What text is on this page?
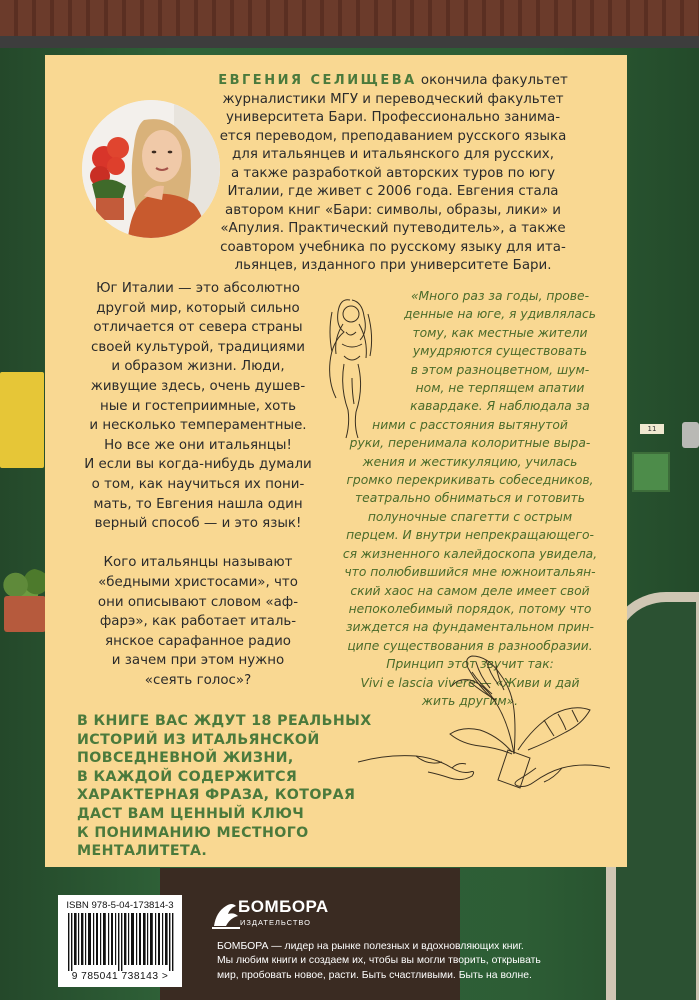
11
ЕВГЕНИЯ СЕЛИЩЕВА окончила факультет
журналистики МГУ и переводческий факультет
университета Бари. Профессионально занима-
ется переводом, преподаванием русского языка
для итальянцев и итальянского для русских,
а также разработкой авторских туров по югу
Италии, где живет с 2006 года. Евгения стала
автором книг «Бари: символы, образы, лики» и
«Апулия. Практический путеводитель», а также
соавтором учебника по русскому языку для ита-
льянцев, изданного при университете Бари.

Юг Италии — это абсолютно
другой мир, который сильно
отличается от севера страны
своей культурой, традициями
и образом жизни. Люди,
живущие здесь, очень душев-
ные и гостеприимные, хоть
и несколько темпераментные.
Но все же они итальянцы!
И если вы когда-нибудь думали
о том, как научиться их пони-
мать, то Евгения нашла один
верный способ — и это язык!

Кого итальянцы называют
«бедными христосами», что
они описывают словом «аф-
фарэ», как работает италь-
янское сарафанное радио
и зачем при этом нужно
«сеять голос»?

«Много раз за годы, прове-
денные на юге, я удивлялась
тому, как местные жители
умудряются существовать
в этом разноцветном, шум-
ном, не терпящем апатии
кавардаке. Я наблюдала за
ними с расстояния вытянутой
руки, перенимала колоритные выра-
жения и жестикуляцию, училась
громко перекрикивать собеседников,
театрально обниматься и готовить
полуночные спагетти с острым
перцем. И внутри непрекращающего-
ся жизненного калейдоскопа увидела,
что полюбившийся мне южноитальян-
ский хаос на самом деле имеет свой
непоколебимый порядок, потому что
зиждется на фундаментальном прин-
ципе существования в разнообразии.
Принцип этот звучит так:
Vivi e lascia vivere — «Живи и дай
жить другим».
В КНИГЕ ВАС ЖДУТ 18 РЕАЛЬНЫХ
ИСТОРИЙ ИЗ ИТАЛЬЯНСКОЙ
ПОВСЕДНЕВНОЙ ЖИЗНИ,
В КАЖДОЙ СОДЕРЖИТСЯ
ХАРАКТЕРНАЯ ФРАЗА, КОТОРАЯ
ДАСТ ВАМ ЦЕННЫЙ КЛЮЧ
К ПОНИМАНИЮ МЕСТНОГО
МЕНТАЛИТЕТА.
ISBN 978-5-04-173814-3
9 785041 738143 >
БОМБОРА
ИЗДАТЕЛЬСТВО
БОМБОРА — лидер на рынке полезных и вдохновляющих книг.
Мы любим книги и создаем их, чтобы вы могли творить, открывать
мир, пробовать новое, расти. Быть счастливыми. Быть на волне.
